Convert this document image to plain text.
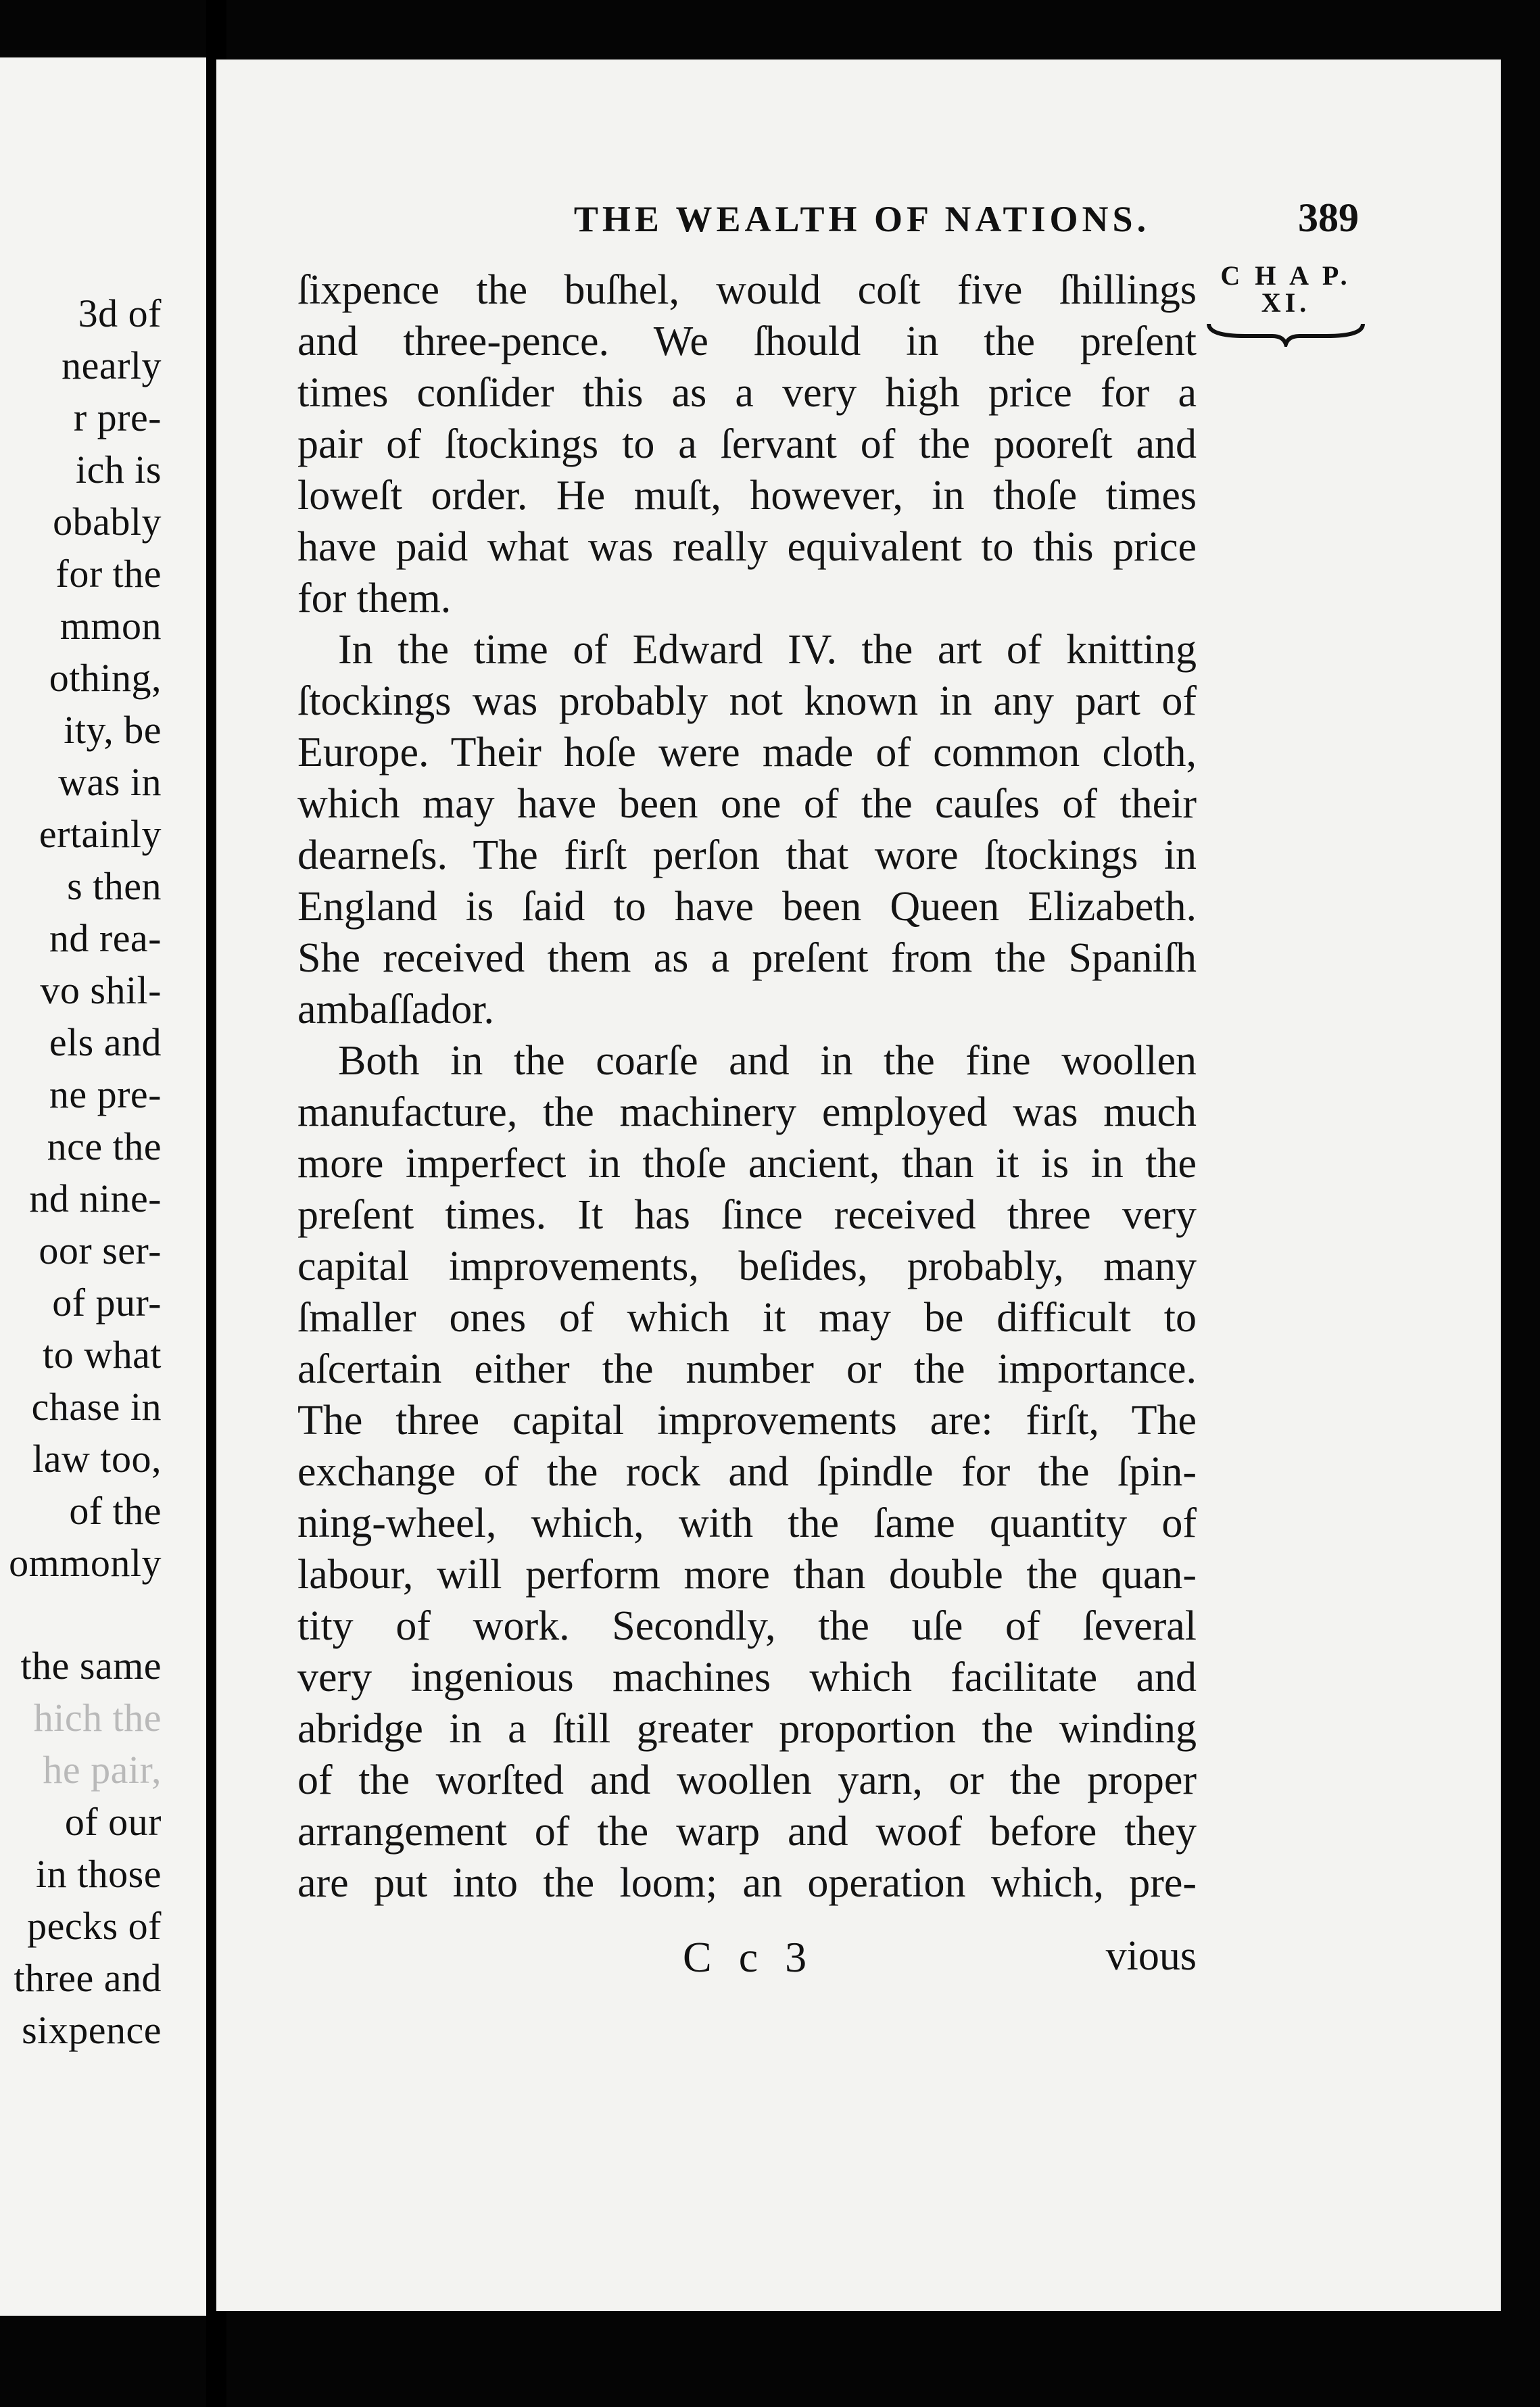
3d of
nearly
r pre-
ich is
obably
for the
mmon
othing,
ity, be
was in
ertainly
s then
nd rea-
vo shil-
els and
ne pre-
nce the
nd nine-
oor ser-
of pur-
to what
chase in
law too,
of the
ommonly
the same
hich the
he pair,
of our
in those
pecks of
three and
sixpence
THE WEALTH OF NATIONS.	389
C H A P.
XI.
ſixpence the buſhel, would coſt five ſhillings
and three-pence. We ſhould in the preſent
times conſider this as a very high price for a
pair of ſtockings to a ſervant of the pooreſt and
loweſt order. He muſt, however, in thoſe times
have paid what was really equivalent to this price
for them.
In the time of Edward IV. the art of knitting
ſtockings was probably not known in any part of
Europe. Their hoſe were made of common cloth,
which may have been one of the cauſes of their
dearneſs. The firſt perſon that wore ſtockings in
England is ſaid to have been Queen Elizabeth.
She received them as a preſent from the Spaniſh
ambaſſador.
Both in the coarſe and in the fine woollen
manufacture, the machinery employed was much
more imperfect in thoſe ancient, than it is in the
preſent times. It has ſince received three very
capital improvements, beſides, probably, many
ſmaller ones of which it may be difficult to
aſcertain either the number or the importance.
The three capital improvements are: firſt, The
exchange of the rock and ſpindle for the ſpin-
ning-wheel, which, with the ſame quantity of
labour, will perform more than double the quan-
tity of work. Secondly, the uſe of ſeveral
very ingenious machines which facilitate and
abridge in a ſtill greater proportion the winding
of the worſted and woollen yarn, or the proper
arrangement of the warp and woof before they
are put into the loom; an operation which, pre-
C c 3	vious
